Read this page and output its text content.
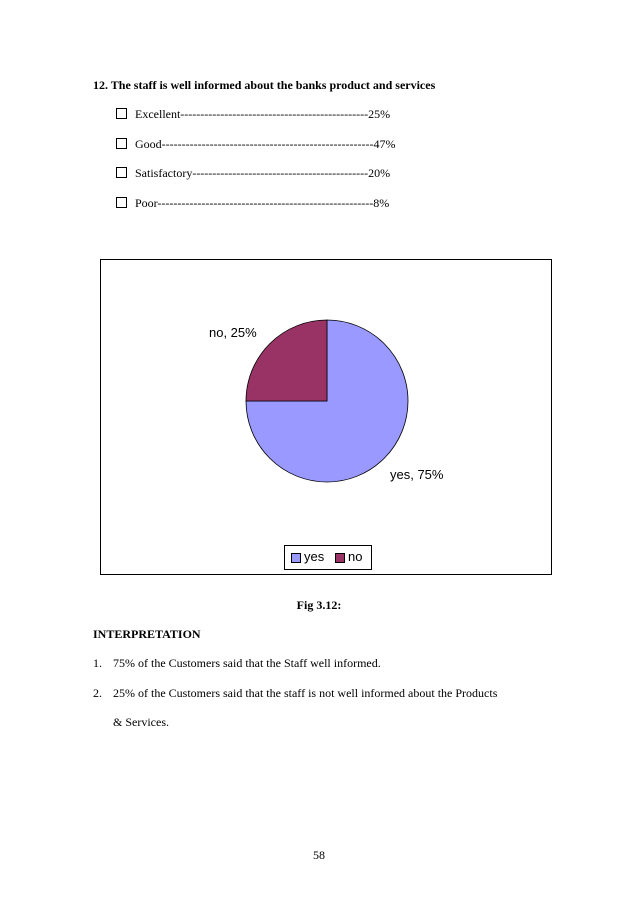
12. The staff is well informed about the banks product and services
Excellent-----------------------------------------------25%
Good-----------------------------------------------------47%
Satisfactory--------------------------------------------20%
Poor------------------------------------------------------8%
yes, 75%
no, 25%
yes no
Fig 3.12:
INTERPRETATION
1. 75% of the Customers said that the Staff well informed.
2. 25% of the Customers said that the staff is not well informed about the Products
& Services.
58
